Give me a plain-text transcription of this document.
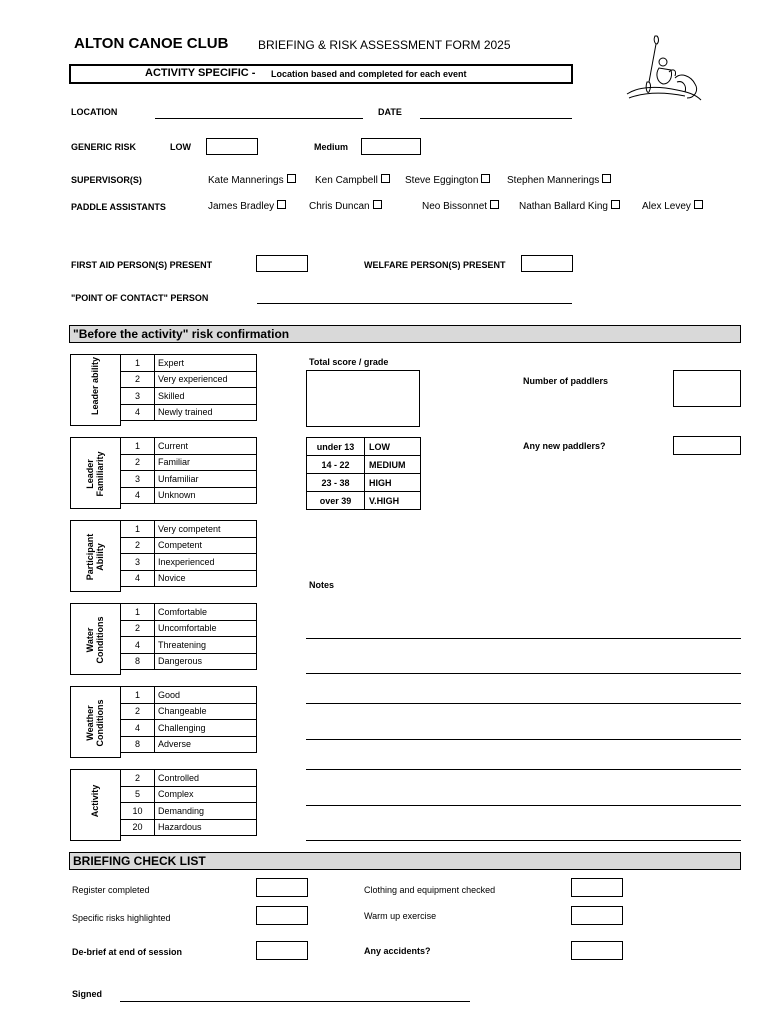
ALTON CANOE CLUB BRIEFING & RISK ASSESSMENT FORM 2025
ACTIVITY SPECIFIC - Location based and completed for each event
LOCATION	DATE
GENERIC RISK	LOW	Medium
SUPERVISOR(S)	Kate Mannerings	Ken Campbell	Steve Eggington	Stephen Mannerings
PADDLE ASSISTANTS	James Bradley	Chris Duncan	Neo Bissonnet	Nathan Ballard King	Alex Levey
FIRST AID PERSON(S) PRESENT	WELFARE PERSON(S) PRESENT
"POINT OF CONTACT" PERSON
"Before the activity" risk confirmation
Leader ability	1	Expert
2	Very experienced
3	Skilled
4	Newly trained
Leader Familiarity
1	Current
2	Familiar
3	Unfamiliar
4	Unknown
Participant Ability
1	Very competent
2	Competent
3	Inexperienced
4	Novice
Water Conditions
1	Comfortable
2	Uncomfortable
4	Threatening
8	Dangerous
Weather Conditions
1	Good
2	Changeable
4	Challenging
8	Adverse
Activity
2	Controlled
5	Complex
10	Demanding
20	Hazardous
Total score / grade
under 13	LOW
14 - 22	MEDIUM
23 - 38	HIGH
over 39	V.HIGH
Number of paddlers
Any new paddlers?
Notes
BRIEFING CHECK LIST
Register completed	Clothing and equipment checked
Specific risks highlighted	Warm up exercise
De-brief at end of session	Any accidents?
Signed
